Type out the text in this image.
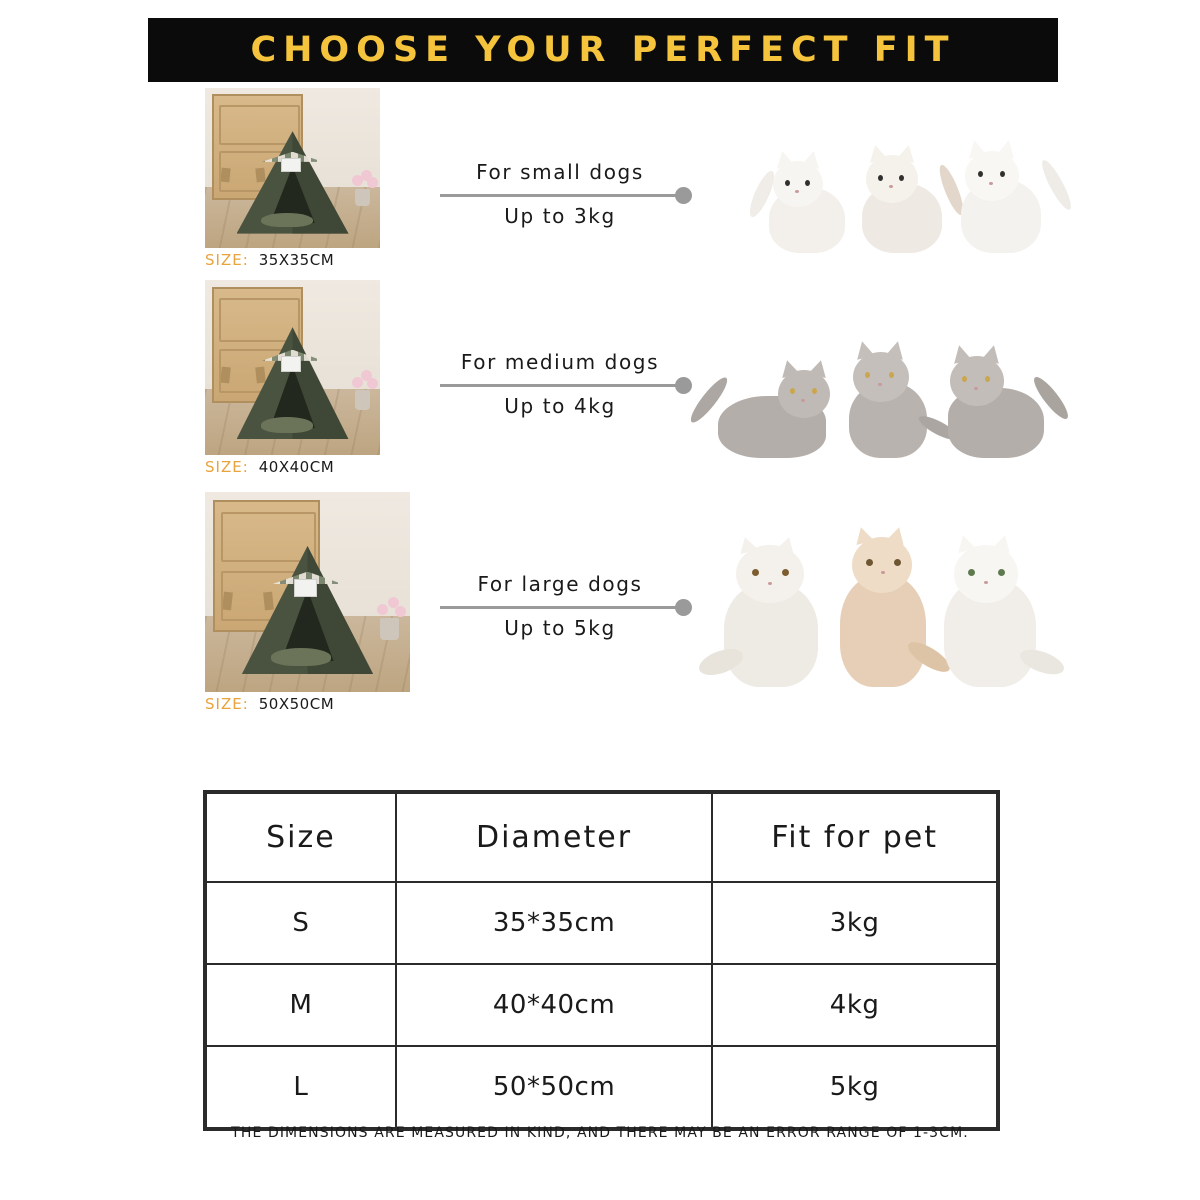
CHOOSE YOUR PERFECT FIT
SIZE: 35X35CM
For small dogs
Up to 3kg
SIZE: 40X40CM
For medium dogs
Up to 4kg
SIZE: 50X50CM
For large dogs
Up to 5kg
Size	Diameter	Fit for pet
S	35*35cm	3kg
M	40*40cm	4kg
L	50*50cm	5kg
THE DIMENSIONS ARE MEASURED IN KIND, AND THERE MAY BE AN ERROR RANGE OF 1-3CM.
